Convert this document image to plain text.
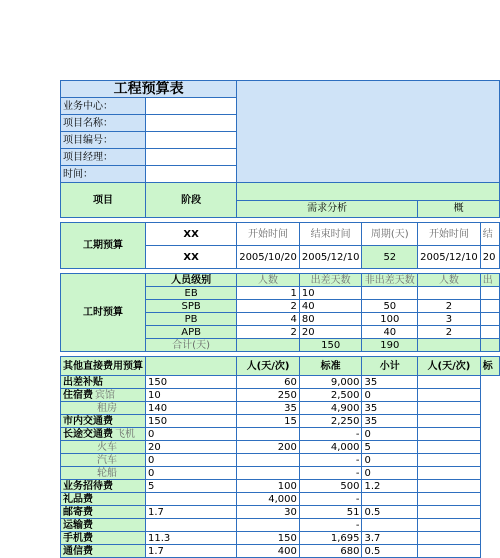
工程预算表						
业务中心：						
项目名称：						
项目编号：						
项目经理：						
时间：						
项目	阶段					
		需求分析			概	

工期预算	XX	开始时间	结束时间	周期(天)	开始时间	结
	XX	2005/10/20	2005/12/10	52	2005/12/10	20

工时预算	人员级别	人数	出差天数	非出差天数	人数	出
	EB	1	10			
	SPB	2	40	50	2	
	PB	4	80	100	3	
	APB	2	20	40	2	
	合计(天)		150	190		

其他直接费用预算		人(天/次)	标准	小计	人(天/次)	标
出差补贴	150	60	9,000	35		
住宿费 宾馆	10	250	2,500	0		
租房	140	35	4,900	35		
市内交通费	150	15	2,250	35		
长途交通费 飞机	0		-	0		
火车	20	200	4,000	5		
汽车	0		-	0		
轮船	0		-	0		
业务招待费	5	100	500	1.2		
礼品费		4,000	-			
邮寄费	1.7	30	51	0.5		
运输费			-			
手机费	11.3	150	1,695	3.7		
通信费	1.7	400	680	0.5		
